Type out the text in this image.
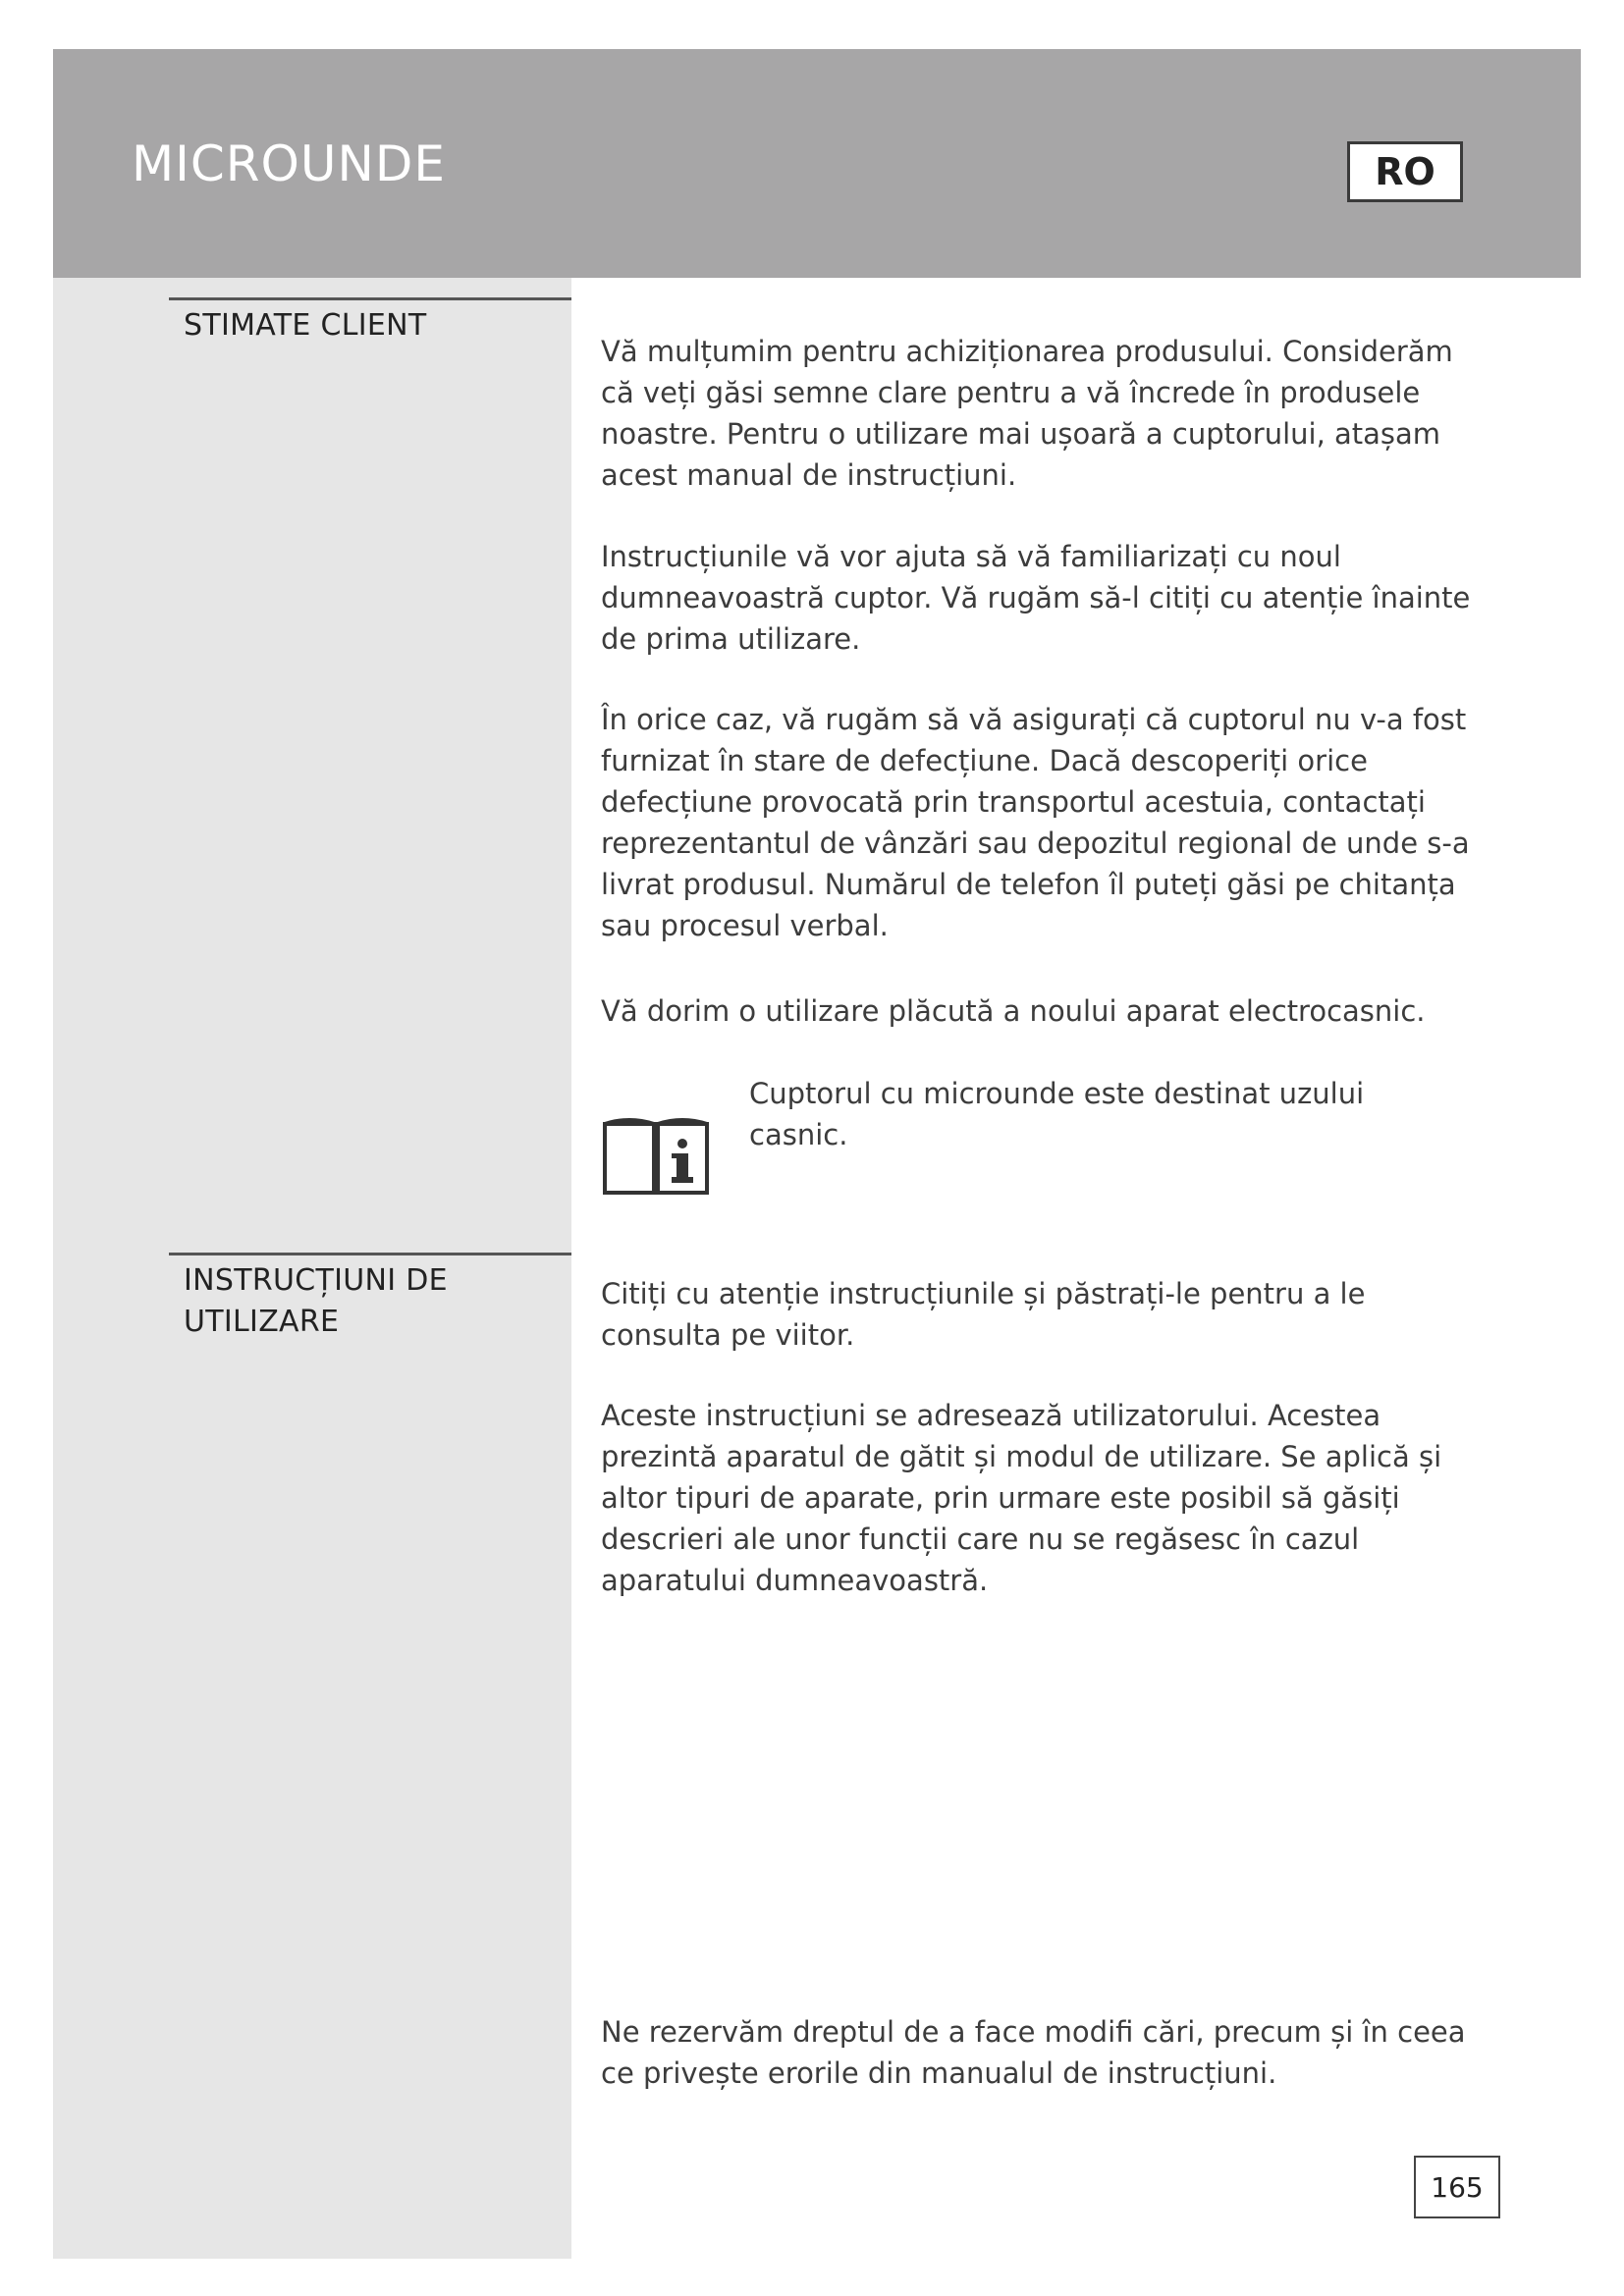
MICROUNDE	RO
STIMATE CLIENT

Vă mulțumim pentru achiziționarea produsului. Considerăm că veți găsi semne clare pentru a vă încrede în produsele noastre. Pentru o utilizare mai ușoară a cuptorului, atașam acest manual de instrucțiuni.

Instrucțiunile vă vor ajuta să vă familiarizați cu noul dumneavoastră cuptor. Vă rugăm să-l citiți cu atenție înainte de prima utilizare.

În orice caz, vă rugăm să vă asigurați că cuptorul nu v-a fost furnizat în stare de defecțiune. Dacă descoperiți orice defecțiune provocată prin transportul acestuia, contactați reprezentantul de vânzări sau depozitul regional de unde s-a livrat produsul. Numărul de telefon îl puteți găsi pe chitanța sau procesul verbal.

Vă dorim o utilizare plăcută a noului aparat electrocasnic.

Cuptorul cu microunde este destinat uzului casnic.

INSTRUCȚIUNI DE UTILIZARE

Citiți cu atenție instrucțiunile și păstrați-le pentru a le consulta pe viitor.

Aceste instrucțiuni se adresează utilizatorului. Acestea prezintă aparatul de gătit și modul de utilizare. Se aplică și altor tipuri de aparate, prin urmare este posibil să găsiți descrieri ale unor funcții care nu se regăsesc în cazul aparatului dumneavoastră.

Ne rezervăm dreptul de a face modifi cări, precum și în ceea ce privește erorile din manualul de instrucțiuni.

165
